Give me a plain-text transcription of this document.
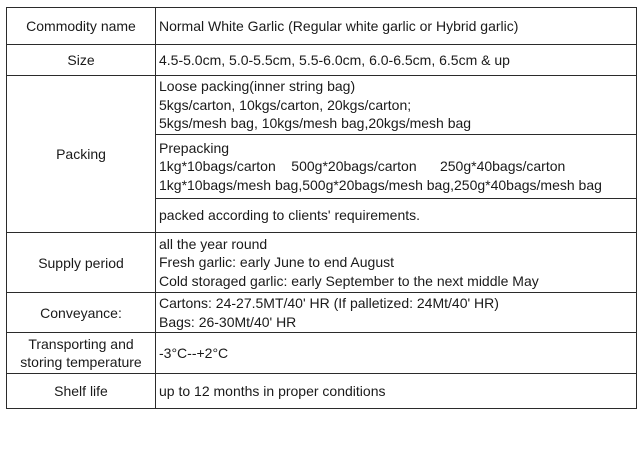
Commodity name	Normal White Garlic (Regular white garlic or Hybrid garlic)
Size	4.5-5.0cm, 5.0-5.5cm, 5.5-6.0cm, 6.0-6.5cm, 6.5cm & up
Packing	Loose packing(inner string bag)
5kgs/carton, 10kgs/carton, 20kgs/carton;
5kgs/mesh bag, 10kgs/mesh bag,20kgs/mesh bag

	Prepacking
1kg*10bags/carton    500g*20bags/carton      250g*40bags/carton
1kg*10bags/mesh bag,500g*20bags/mesh bag,250g*40bags/mesh bag

	packed according to clients' requirements.
Supply period	all the year round
Fresh garlic: early June to end August
Cold storaged garlic: early September to the next middle May

Conveyance:	Cartons: 24-27.5MT/40' HR (If palletized: 24Mt/40' HR)
Bags: 26-30Mt/40' HR

Transporting and
storing temperature	-3°C--+2°C
Shelf life	up to 12 months in proper conditions
